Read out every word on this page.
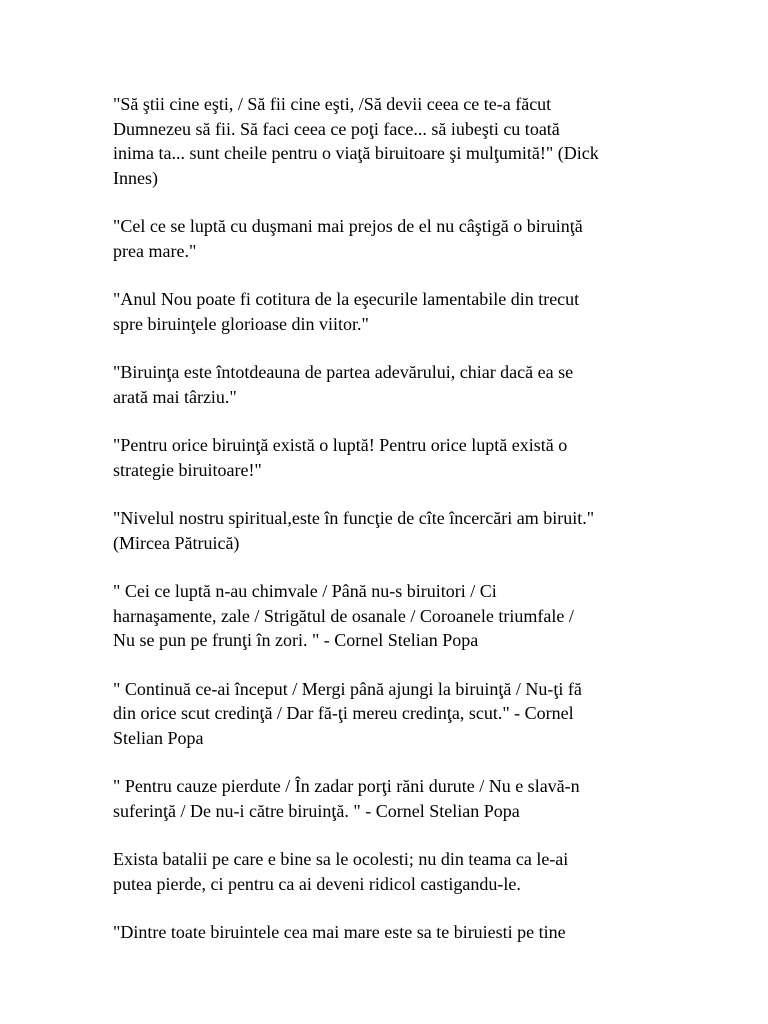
"Să ştii cine eşti, / Să fii cine eşti, /Să devii ceea ce te-a făcut
Dumnezeu să fii. Să faci ceea ce poţi face... să iubeşti cu toată
inima ta... sunt cheile pentru o viaţă biruitoare şi mulţumită!" (Dick
Innes)

"Cel ce se luptă cu duşmani mai prejos de el nu câştigă o biruinţă
prea mare."

"Anul Nou poate fi cotitura de la eşecurile lamentabile din trecut
spre biruinţele glorioase din viitor."

"Biruinţa este întotdeauna de partea adevărului, chiar dacă ea se
arată mai târziu."

"Pentru orice biruinţă există o luptă! Pentru orice luptă există o
strategie biruitoare!"

"Nivelul nostru spiritual,este în funcţie de cîte încercări am biruit."
(Mircea Pătruică)

" Cei ce luptă n-au chimvale / Până nu-s biruitori / Ci
harnaşamente, zale / Strigătul de osanale / Coroanele triumfale /
Nu se pun pe frunţi în zori. " - Cornel Stelian Popa

" Continuă ce-ai început / Mergi până ajungi la biruinţă / Nu-ţi fă
din orice scut credinţă / Dar fă-ţi mereu credinţa, scut." - Cornel
Stelian Popa

" Pentru cauze pierdute / În zadar porţi răni durute / Nu e slavă-n
suferinţă / De nu-i către biruinţă. " - Cornel Stelian Popa

Exista batalii pe care e bine sa le ocolesti; nu din teama ca le-ai
putea pierde, ci pentru ca ai deveni ridicol castigandu-le.

"Dintre toate biruintele cea mai mare este sa te biruiesti pe tine
